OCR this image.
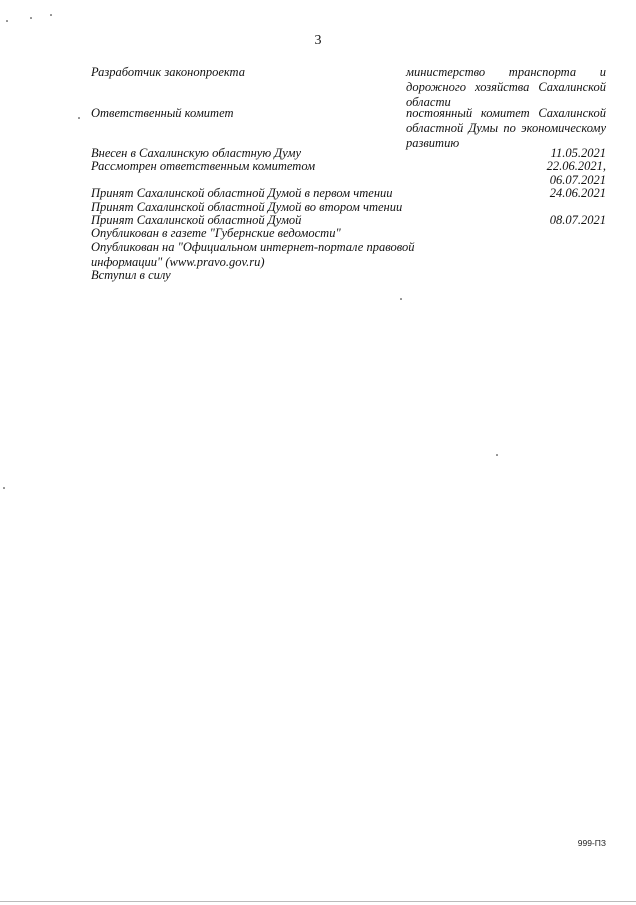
3
Разработчик законопроекта	министерство транспорта и
дорожного хозяйства Сахалинской
области
Ответственный комитет	постоянный комитет Сахалинской
областной Думы по экономическому
развитию
Внесен в Сахалинскую областную Думу	11.05.2021
Рассмотрен ответственным комитетом	22.06.2021,
06.07.2021
Принят Сахалинской областной Думой в первом чтении	24.06.2021
Принят Сахалинской областной Думой во втором чтении
Принят Сахалинской областной Думой	08.07.2021
Опубликован в газете "Губернские ведомости"
Опубликован на "Официальном интернет-портале правовой информации" (www.pravo.gov.ru)
Вступил в силу
999-ПЗ
